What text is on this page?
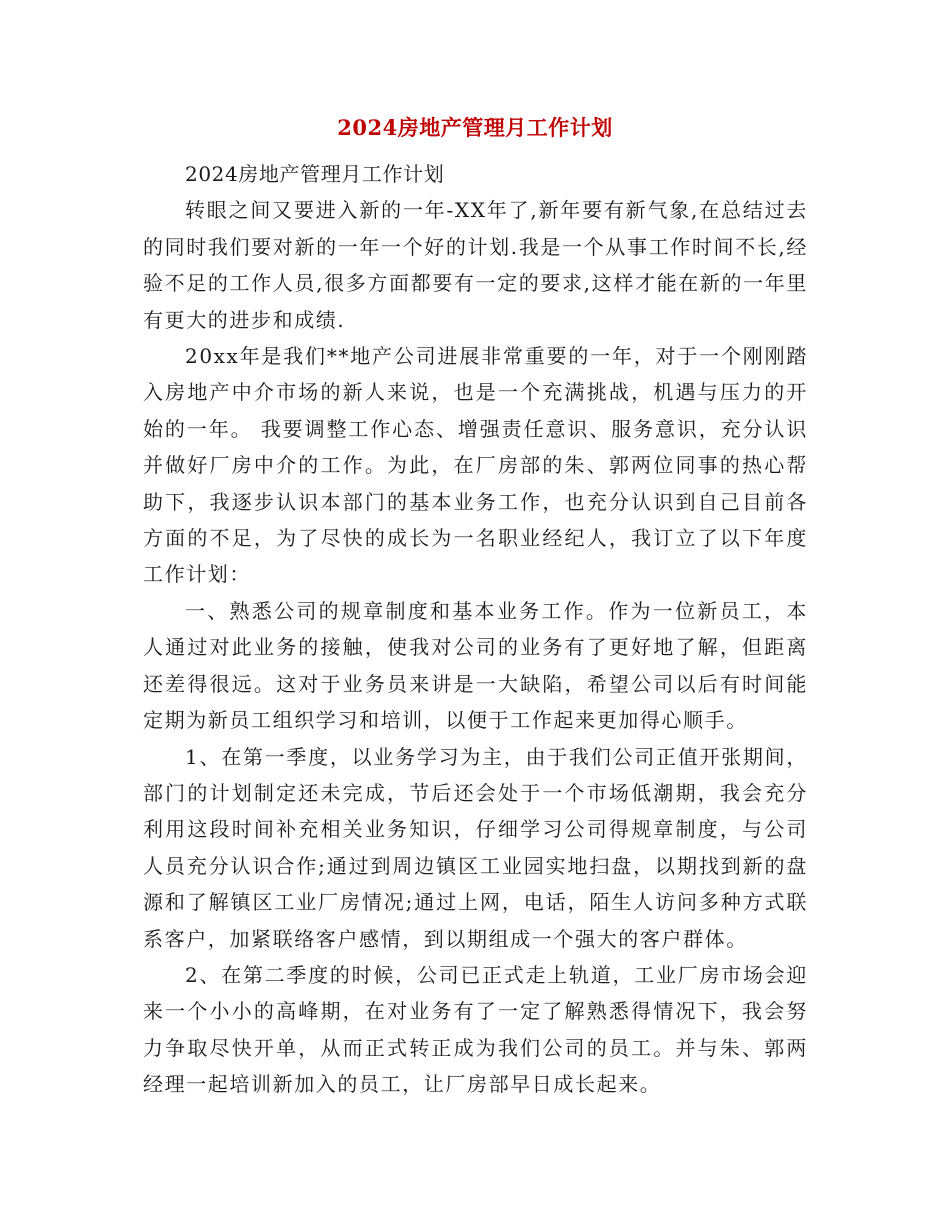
2024房地产管理月工作计划

2024房地产管理月工作计划

转眼之间又要进入新的一年-XX年了,新年要有新气象,在总结过去的同时我们要对新的一年一个好的计划.我是一个从事工作时间不长,经验不足的工作人员,很多方面都要有一定的要求,这样才能在新的一年里有更大的进步和成绩.

20xx年是我们**地产公司进展非常重要的一年，对于一个刚刚踏入房地产中介市场的新人来说，也是一个充满挑战，机遇与压力的开始的一年。 我要调整工作心态、增强责任意识、服务意识，充分认识并做好厂房中介的工作。为此，在厂房部的朱、郭两位同事的热心帮助下，我逐步认识本部门的基本业务工作，也充分认识到自己目前各方面的不足，为了尽快的成长为一名职业经纪人，我订立了以下年度工作计划：

一、熟悉公司的规章制度和基本业务工作。作为一位新员工，本人通过对此业务的接触，使我对公司的业务有了更好地了解，但距离还差得很远。这对于业务员来讲是一大缺陷，希望公司以后有时间能定期为新员工组织学习和培训，以便于工作起来更加得心顺手。

1、在第一季度，以业务学习为主，由于我们公司正值开张期间，部门的计划制定还未完成，节后还会处于一个市场低潮期，我会充分利用这段时间补充相关业务知识，仔细学习公司得规章制度，与公司人员充分认识合作;通过到周边镇区工业园实地扫盘，以期找到新的盘源和了解镇区工业厂房情况;通过上网，电话，陌生人访问多种方式联系客户，加紧联络客户感情，到以期组成一个强大的客户群体。

2、在第二季度的时候，公司已正式走上轨道，工业厂房市场会迎来一个小小的高峰期，在对业务有了一定了解熟悉得情况下，我会努力争取尽快开单，从而正式转正成为我们公司的员工。并与朱、郭两经理一起培训新加入的员工，让厂房部早日成长起来。
